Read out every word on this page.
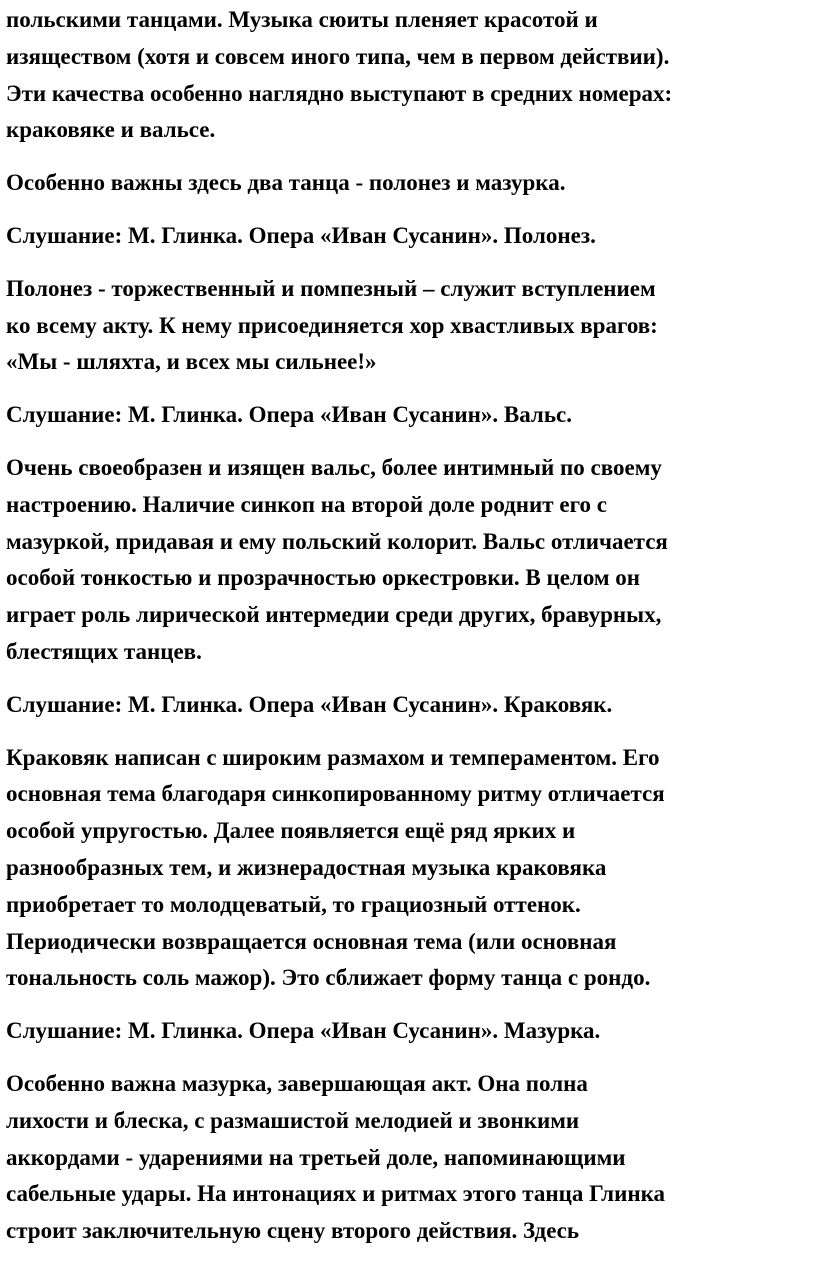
польскими танцами. Музыка сюиты пленяет красотой и
изяществом (хотя и совсем иного типа, чем в первом действии).
Эти качества особенно наглядно выступают в средних номерах:
краковяке и вальсе.
Особенно важны здесь два танца - полонез и мазурка.
Слушание: М. Глинка. Опера «Иван Сусанин». Полонез.
Полонез - торжественный и помпезный – служит вступлением
ко всему акту. К нему присоединяется хор хвастливых врагов:
«Мы - шляхта, и всех мы сильнее!»
Слушание: М. Глинка. Опера «Иван Сусанин». Вальс.
Очень своеобразен и изящен вальс, более интимный по своему
настроению. Наличие синкоп на второй доле роднит его с
мазуркой, придавая и ему польский колорит. Вальс отличается
особой тонкостью и прозрачностью оркестровки. В целом он
играет роль лирической интермедии среди других, бравурных,
блестящих танцев.
Слушание: М. Глинка. Опера «Иван Сусанин». Краковяк.
Краковяк написан с широким размахом и темпераментом. Его
основная тема благодаря синкопированному ритму отличается
особой упругостью. Далее появляется ещё ряд ярких и
разнообразных тем, и жизнерадостная музыка краковяка
приобретает то молодцеватый, то грациозный оттенок.
Периодически возвращается основная тема (или основная
тональность соль мажор). Это сближает форму танца с рондо.
Слушание: М. Глинка. Опера «Иван Сусанин». Мазурка.
Особенно важна мазурка, завершающая акт. Она полна
лихости и блеска, с размашистой мелодией и звонкими
аккордами - ударениями на третьей доле, напоминающими
сабельные удары. На интонациях и ритмах этого танца Глинка
строит заключительную сцену второго действия. Здесь
